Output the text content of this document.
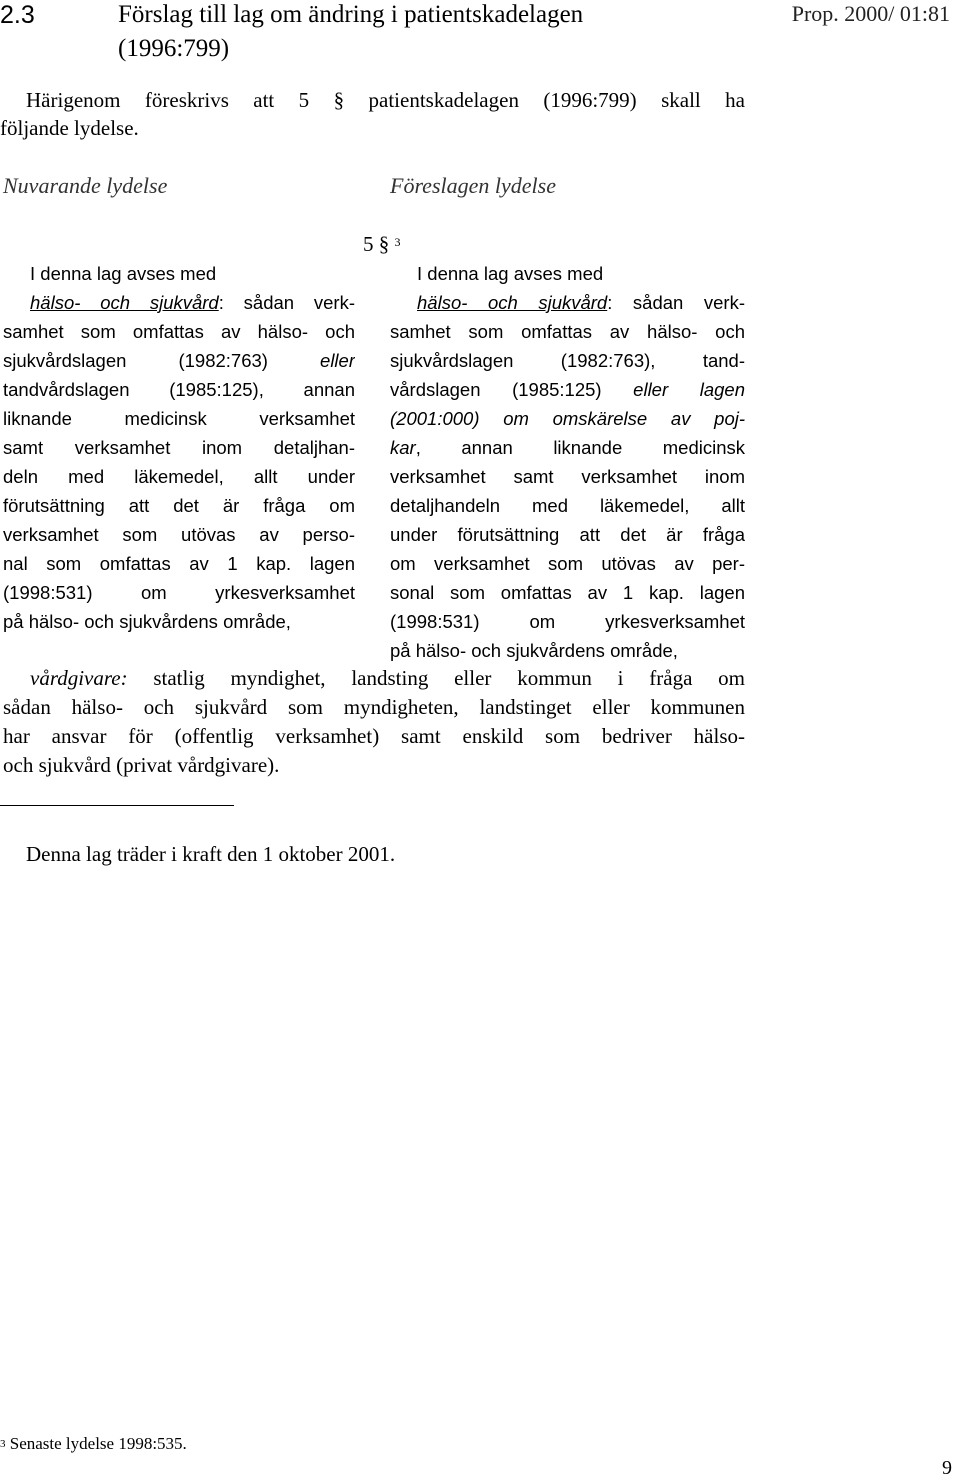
2.3	Förslag till lag om ändring i patientskadelagen
(1996:799)
Prop. 2000/ 01:81
Härigenom föreskrivs att 5 § patientskadelagen (1996:799) skall ha
följande lydelse.
Nuvarande lydelse	Föreslagen lydelse
5 § $^3$
I denna lag avses med
hälso- och sjukvård: sådan verk-
samhet som omfattas av hälso- och
sjukvårdslagen (1982:763) eller
tandvårdslagen (1985:125), annan
liknande medicinsk verksamhet
samt verksamhet inom detaljhan-
deln med läkemedel, allt under
förutsättning att det är fråga om
verksamhet som utövas av perso-
nal som omfattas av 1 kap. lagen
(1998:531) om yrkesverksamhet
på hälso- och sjukvårdens område,
I denna lag avses med
hälso- och sjukvård: sådan verk-
samhet som omfattas av hälso- och
sjukvårdslagen (1982:763), tand-
vårdslagen (1985:125) eller lagen
(2001:000) om omskärelse av poj-
kar, annan liknande medicinsk
verksamhet samt verksamhet inom
detaljhandeln med läkemedel, allt
under förutsättning att det är fråga
om verksamhet som utövas av per-
sonal som omfattas av 1 kap. lagen
(1998:531) om yrkesverksamhet
på hälso- och sjukvårdens område,
vårdgivare: statlig myndighet, landsting eller kommun i fråga om
sådan hälso- och sjukvård som myndigheten, landstinget eller kommunen
har ansvar för (offentlig verksamhet) samt enskild som bedriver hälso-
och sjukvård (privat vårdgivare).
Denna lag träder i kraft den 1 oktober 2001.
$^3$ Senaste lydelse 1998:535.
9
